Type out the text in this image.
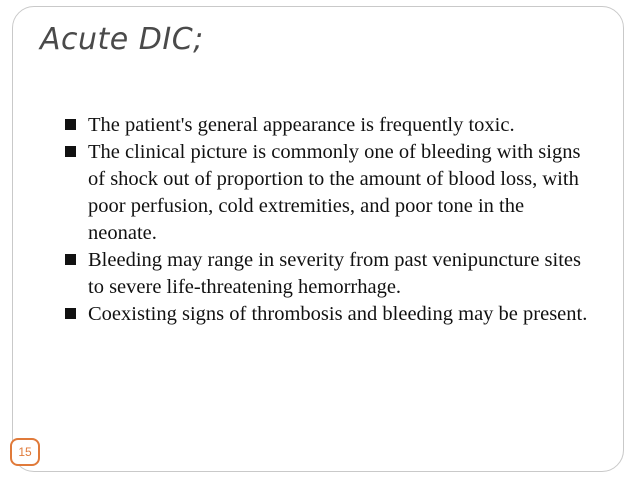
Acute DIC;
The patient's general appearance is frequently toxic.
The clinical picture is commonly one of bleeding with signs of shock out of proportion to the amount of blood loss, with poor perfusion, cold extremities, and poor tone in the neonate.
Bleeding may range in severity from past venipuncture sites to severe life-threatening hemorrhage.
Coexisting signs of thrombosis and bleeding may be present.
15
